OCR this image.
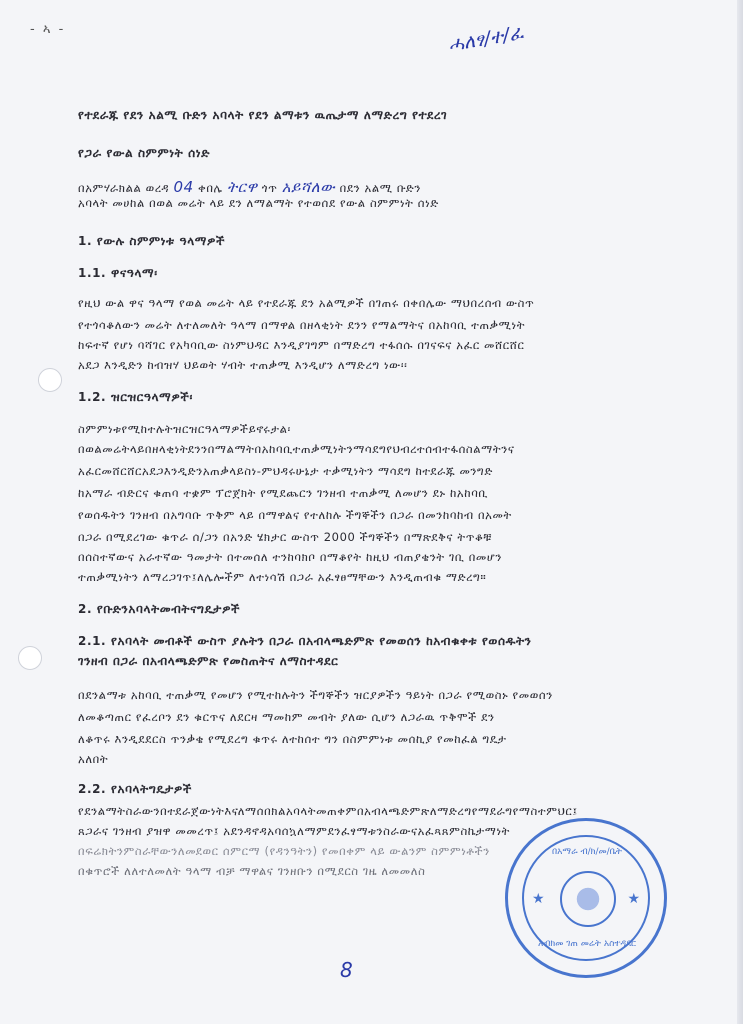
- ኣ -	ሓለፃ/ተ/ፈ
የተደራጁ የደን አልሚ ቡድን አባላት የደን ልማቱን ዉጤታማ ለማድረግ የተደረገ
የጋራ የውል ስምምነት ሰነድ
በአምሃራክልል ወረዳ 04 ቀበሌ ትርዋ ጎጥ አይሻለው በደን አልሚ ቡድን
አባላት መሀከል በወል መሬት ላይ ደን ለማልማት የተወሰደ የውል ስምምነት ሰነድ
1. የውሉ ስምምነቱ ዓላማዎች
1.1. ዋናዓላማ፡
የዚህ ውል ዋና ዓላማ የወል መሬት ላይ የተደራጁ ደን አልሚዎች በገጠሩ በቀበሌው ማህበረሰብ ውስጥ
የተጎሳቆለውን መሬት ለተለመለት ዓላማ በማዋል በዘላቂነት ደንን የማልማትና በአከባቢ ተጠቃሚነት
ከፍተኛ የሆነ ባሻገር የአካባቢው ስነምህዳር እንዲያገግም በማድረግ ተፋሰሱ በገናፍና አፈር መሸርሸር
አደጋ እንዲድን ከብዝሃ ህይወት ሃብት ተጠቃሚ እንዲሆን ለማድረግ ነው፡፡
1.2. ዝርዝርዓላማዎች፡
ስምምነቱየሚከተሉትዝርዝርዓላማዎችይኖሩታል፡
በወልመሬትላይበዘላቂነትደንንበማልማትበአከባቢተጠቃሚነትንማሳደግየህብረተሰብተፋሰስልማትንና
አፈርመሸርሸርአደጋእንዲድንአጠቃላይስነ-ምህዳሩሁኔታ ተቃሚነትን ማሳደግ ከተደራጁ መንግድ
ከአማራ ብድርና ቁጠባ ተቋም ፕሮጀክት የሚደጨርን ገንዘብ ተጠቃሚ ለመሆን ደኑ ከአከባቢ
የወሰዱትን ገንዘብ በአግባቡ ጥቅም ላይ በማዋልና የተለከሉ ችግኞችን በጋራ በመንከባከብ በአመት
በጋራ በሚደረገው ቁጥራ ሰ/ጋን በአንድ ሄክታር ውስጥ 2000 ችግኞችን በማጽደቅና ትጥቆቹ
በሰስተኛውና አራተኛው ዓመታት በተመሰለ ተንከባክቦ በማቆየት ከዚህ ብጠያቄንት ገቢ በመሆን
ተጠቃሚነትን ለማረጋገጥ፤ለሌሎችም ለተነሳሽ በጋራ አፈፃፀማቸውን እንዲጠብቁ ማድረግ።
2. የቡድንአባላትመብትናግዴታዎች
2.1. የአባላት መብቶች ውስጥ ያሉትን በጋራ በአብላጫድምጽ የመወሰን ከአብቁቀቱ የወሰዱትን
ገንዘብ በጋራ በአብላጫድምጽ የመስጠትና ለማስተዳደር
በደንልማቱ አከባቢ ተጠቃሚ የመሆን የሚተከሉትን ችግኞችን ዝርያዎችን ዓይነት በጋራ የሚወስኑ የመወሰን
ለመቆጣጠር የፈረቦን ደን ቁርጥና ለደርዛ ማመከም መብት ያለው ሲሆን ለጋራዉ ጥቅሞች ደን
ለቆጥሩ እንዲደደርስ ጥንቃቄ የሚደረግ ቁጥሩ ለተከሰተ ግን በስምምነቱ መሰኪያ የመከፈል ግዴታ
አለበት
2.2. የአባላትግዴታዎች
የደንልማትስራውንበተደራጀውነትእናለማሰበክልአባላትመጠቀምበአብላጫድምጽለማድረግየማደራግየማስተምህር፤
ጸጋራና ገንዘብ ያዝዋ መመረጥ፤ አደንዳኖዳአባሰኳለማምደንፈፃማቱንስራውናአፈጻጸምስኬታማነት
በፍሬክትንምስራቸውንለመደወር ሰምርማ (የዳንዓትን) የመበቀም ላይ ውልንም ስምምነቶችን
በቁጥሮች ለለተለመለት ዓላማ ብቻ ማዋልና ገንዘቡን በሚደርስ ገዜ ለመመለስ
★	★
በአማራ ብ/ክ/መ/ቤት
አብክመ ገጠ መሬት አስተዳደር
8
